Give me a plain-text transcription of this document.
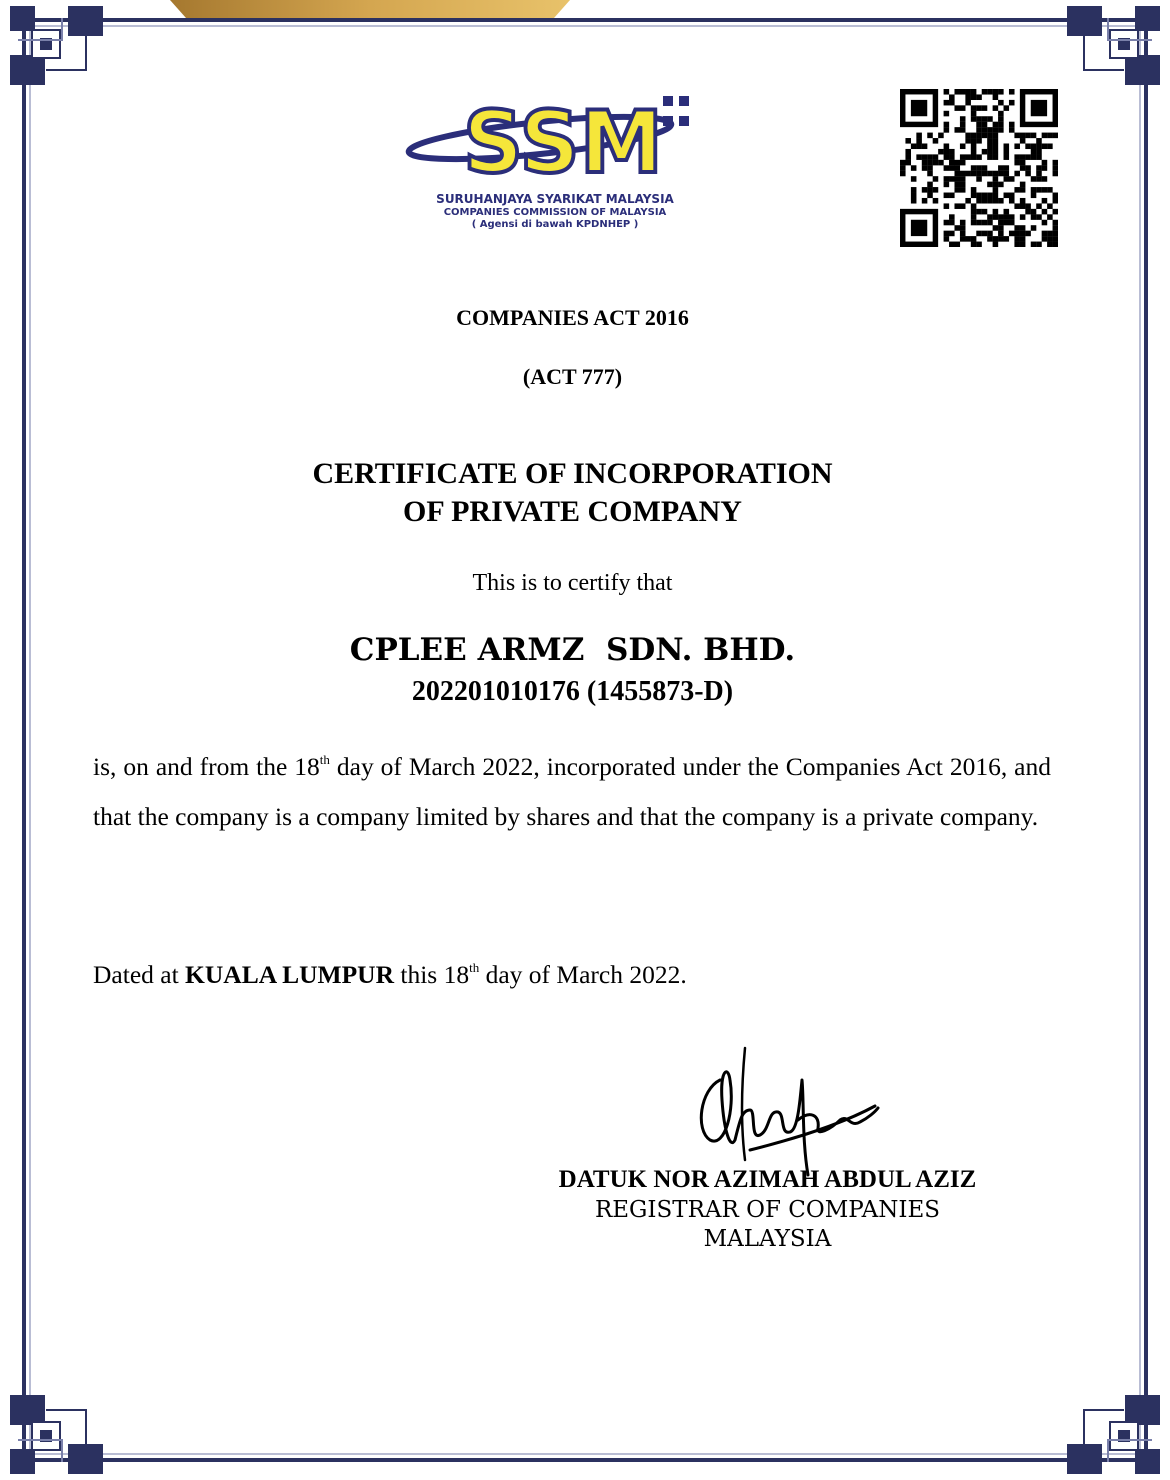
SSM
SURUHANJAYA SYARIKAT MALAYSIA
COMPANIES COMMISSION OF MALAYSIA
( Agensi di bawah KPDNHEP )
COMPANIES ACT 2016
(ACT 777)
CERTIFICATE OF INCORPORATION
OF PRIVATE COMPANY
This is to certify that
CPLEE ARMZ  SDN. BHD.
202201010176 (1455873-D)
is, on and from the 18th day of March 2022, incorporated under the Companies Act 2016, and that the company is a company limited by shares and that the company is a private company.
Dated at KUALA LUMPUR this 18th day of March 2022.
DATUK NOR AZIMAH ABDUL AZIZ
REGISTRAR OF COMPANIES
MALAYSIA
